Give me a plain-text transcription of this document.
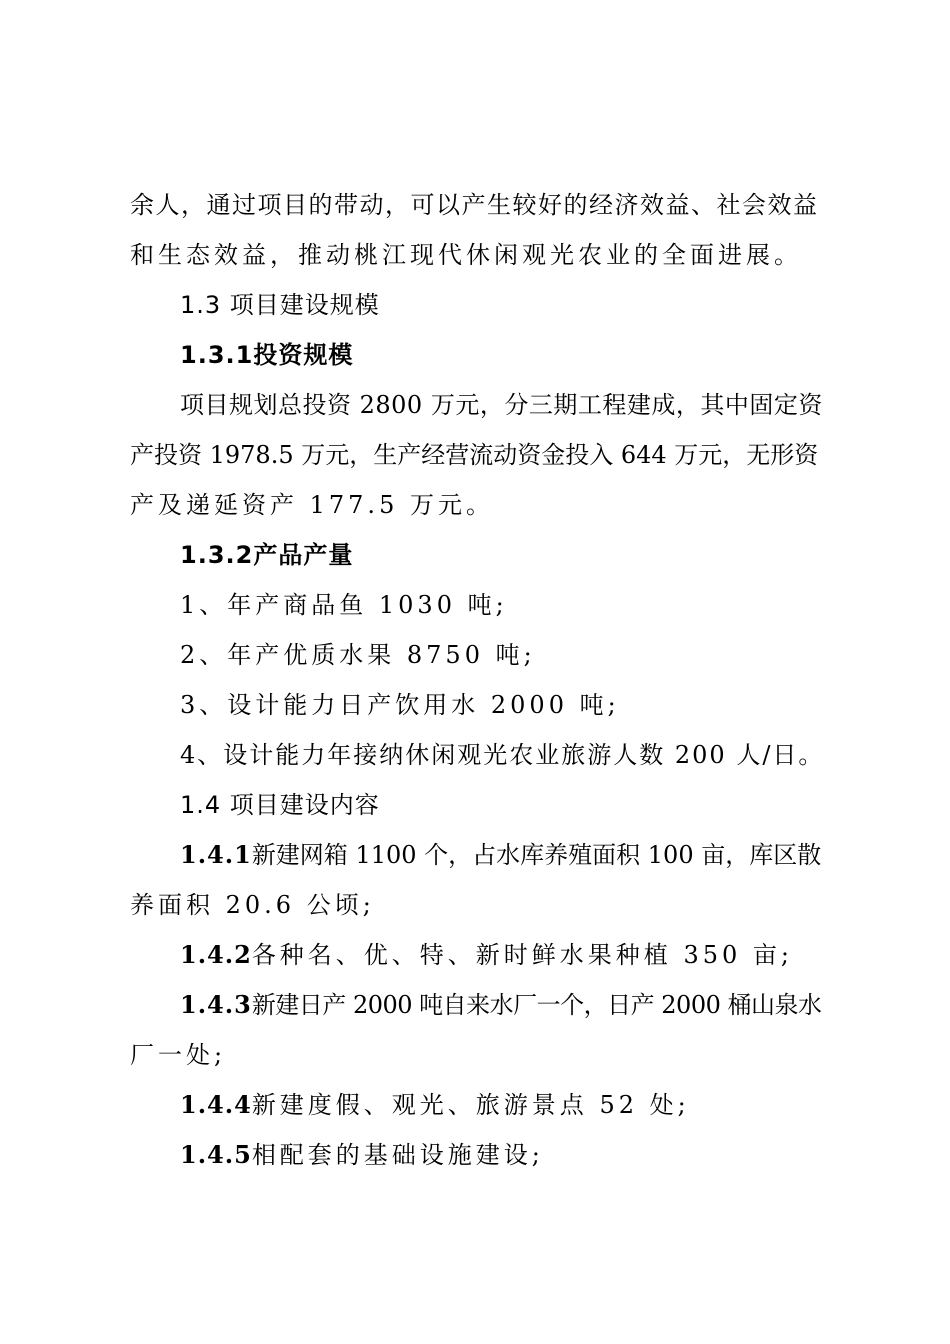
余人，通过项目的带动，可以产生较好的经济效益、社会效益
和生态效益，推动桃江现代休闲观光农业的全面进展。
1.3 项目建设规模
1.3.1投资规模
项目规划总投资 2800 万元，分三期工程建成，其中固定资
产投资 1978.5 万元，生产经营流动资金投入 644 万元，无形资
产及递延资产 177.5 万元。
1.3.2产品产量
1、年产商品鱼 1030 吨;
2、年产优质水果 8750 吨;
3、设计能力日产饮用水 2000 吨;
4、设计能力年接纳休闲观光农业旅游人数 200 人/日。
1.4 项目建设内容
1.4.1新建网箱 1100 个，占水库养殖面积 100 亩，库区散
养面积 20.6 公顷;
1.4.2各种名、优、特、新时鲜水果种植 350 亩;
1.4.3新建日产 2000 吨自来水厂一个，日产 2000 桶山泉水
厂一处;
1.4.4新建度假、观光、旅游景点 52 处;
1.4.5相配套的基础设施建设;
